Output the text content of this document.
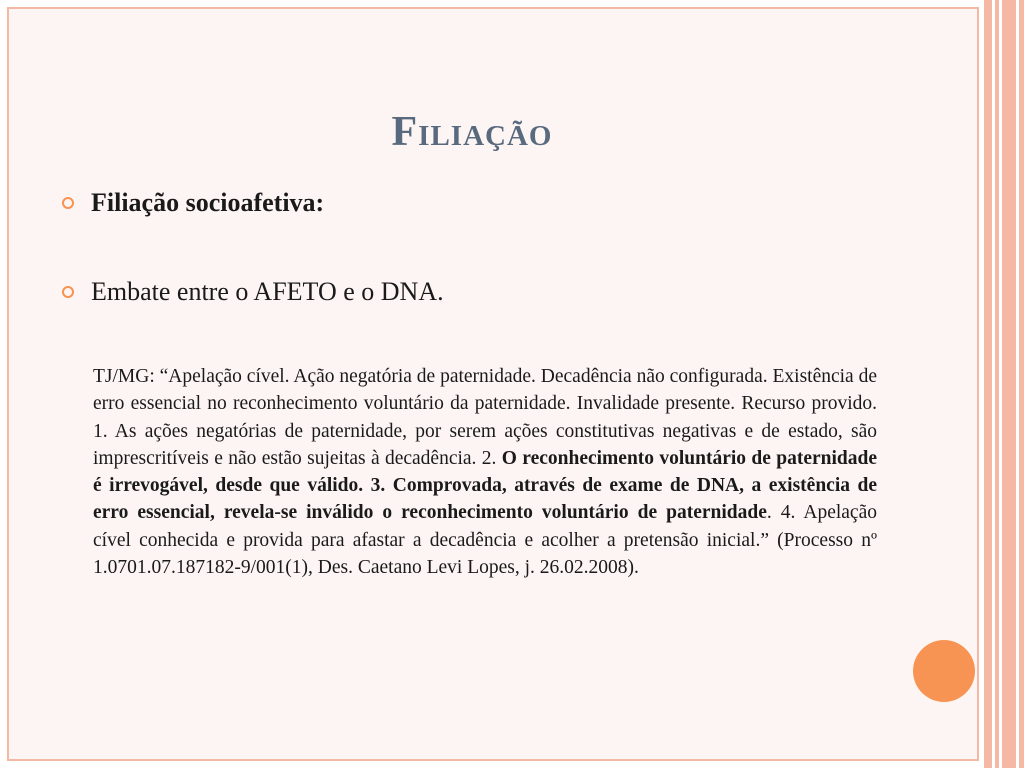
Filiação
Filiação socioafetiva:
Embate entre o AFETO e o DNA.
TJ/MG: “Apelação cível. Ação negatória de paternidade. Decadência não configurada. Existência de erro essencial no reconhecimento voluntário da paternidade. Invalidade presente. Recurso provido. 1. As ações negatórias de paternidade, por serem ações constitutivas negativas e de estado, são imprescritíveis e não estão sujeitas à decadência. 2. O reconhecimento voluntário de paternidade é irrevogável, desde que válido. 3. Comprovada, através de exame de DNA, a existência de erro essencial, revela-se inválido o reconhecimento voluntário de paternidade. 4. Apelação cível conhecida e provida para afastar a decadência e acolher a pretensão inicial.” (Processo nº 1.0701.07.187182-9/001(1), Des. Caetano Levi Lopes, j. 26.02.2008).
